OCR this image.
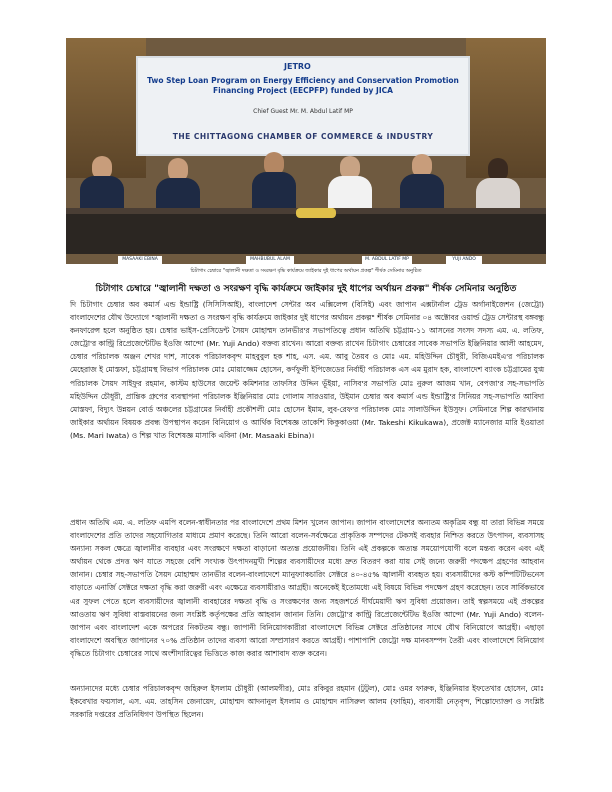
JETRO
Two Step Loan Program on Energy Efficiency and Conservation Promotion Financing Project (EECPFP) funded by JICA
Chief Guest Mr. M. Abdul Latif MP
THE CHITTAGONG CHAMBER OF COMMERCE & INDUSTRY
MASAAKI EBINA	MAHBUBUL ALAM	M. ABDUL LATIF MP	YUJI ANDO
চিটাগাং চেম্বারে "জ্বালানী দক্ষতা ও সংরক্ষণ বৃদ্ধি কার্যক্রমে জাইকার দুই ধাপের অর্থায়ন প্রকল্প" শীর্ষক সেমিনার অনুষ্ঠিত
চিটাগাং চেম্বারে "জ্বালানী দক্ষতা ও সংরক্ষণ বৃদ্ধি কার্যক্রমে জাইকার দুই ধাপের অর্থায়ন প্রকল্প" শীর্ষক সেমিনার অনুষ্ঠিত

দি চিটাগাং চেম্বার অব কমার্স এন্ড ইন্ডাষ্ট্রি (সিসিসিআই), বাংলাদেশ সেন্টার অব এক্সিলেন্স (বিসিই) এবং জাপান এক্সটার্নাল ট্রেড অর্গানাইজেশন (জেট্রো) বাংলাদেশের যৌথ উদ্যোগে "জ্বালানী দক্ষতা ও সংরক্ষণ বৃদ্ধি কার্যক্রমে জাইকার দুই ধাপের অর্থায়ন প্রকল্প" শীর্ষক সেমিনার ০৪ অক্টোবর ওয়ার্ল্ড ট্রেড সেন্টারস্থ বঙ্গবন্ধু কনফারেন্স হলে অনুষ্ঠিত হয়। চেম্বার ভাইস-প্রেসিডেন্ট সৈয়দ মোহাম্মদ তানভীর'র সভাপতিত্বে প্রধান অতিথি চট্টগ্রাম-১১ আসনের সংসদ সদস্য এম. এ. লতিফ, জেট্রো'র কান্ট্রি রিপ্রেজেন্টেটিভ ইওজি আন্দো (Mr. Yuji Ando) বক্তব্য রাখেন। আরো বক্তব্য রাখেন চিটাগাং চেম্বারের সাবেক সভাপতি ইঞ্জিনিয়ার আলী আহমেদ, চেম্বার পরিচালক অঞ্জন শেখর দাশ, সাবেক পরিচালকবৃন্দ মাহবুবুল হক শাহ, এস. এম. আবু তৈয়ব ও মোঃ এম. মহিউদ্দিন চৌধুরী, বিজিএমইএ'র পরিচালক মেহেরাজ ই মোস্তফা, চট্টগ্রামস্থ বিভাগ পরিচালক মোঃ মোয়াজ্জেম হোসেন, কর্ণফুলী ইপিজেডের নির্বাহী পরিচালক এস এম মুরাদ হক, বাংলাদেশ ব্যাংক চট্টগ্রামের যুগ্ম পরিচালক সৈয়দ সাইফুর রহমান, কাস্টম হাউসের জয়েন্ট কমিশনার তাফসির উদ্দিন ভূঁইয়া, নাসিব'র সভাপতি মোঃ নুরুল আজম খান, বেপজা'র সহ-সভাপতি মহিউদ্দিন চৌধুরী, প্রান্তিক গ্রুপের ব্যবস্থাপনা পরিচালক ইঞ্জিনিয়ার মোঃ গোলাম সারওয়ার, উইমান চেম্বার অব কমার্স এন্ড ইন্ডাষ্ট্রি'র সিনিয়র সহ-সভাপতি আবিদা মোস্তফা, বিদ্যুৎ উন্নয়ন বোর্ড অঞ্চলের চট্টগ্রামের নির্বাহী প্রকৌশলী মোঃ হোসেন ইমাম, লুব-রেফ'র পরিচালক মোঃ সালাউদ্দিন ইউসুফ। সেমিনারে শিল্প কারখানায় জাইকার অর্থায়ন বিষয়ক প্রবন্ধ উপস্থাপন করেন বিনিয়োগ ও আর্থিক বিশেষজ্ঞ তাকেশি কিকুকাওয়া (Mr. Takeshi Kikukawa), প্রজেক্ট ম্যানেজার মারি ইওয়াতা (Ms. Mari Iwata) ও শিল্প খাত বিশেষজ্ঞ মাসাকি এবিনা (Mr. Masaaki Ebina)।

প্রধান অতিথি এম. এ. লতিফ এমপি বলেন-স্বাধীনতার পর বাংলাদেশে প্রথম মিশন খুলেন জাপান। জাপান বাংলাদেশের অন্যতম অকৃত্রিম বন্ধু যা তারা বিভিন্ন সময়ে বাংলাদেশের প্রতি তাদের সহযোগিতার মাধ্যমে প্রমাণ করেছে। তিনি আরো বলেন-সর্বক্ষেত্রে প্রাকৃতিক সম্পদের টেকসই ব্যবহার নিশ্চিত করতে উৎপাদন, ব্যবসাসহ অন্যান্য সকল ক্ষেত্রে জ্বালানীর ব্যবহার এবং সংরক্ষণে দক্ষতা বাড়ানো অত্যন্ত প্রয়োজনীয়। তিনি এই প্রকল্পকে অত্যন্ত সময়োপযোগী বলে মন্তব্য করেন এবং এই অর্থায়ন থেকে প্রদত্ত ঋণ যাতে সহজে বেশি সংখ্যক উৎপাদনমুখী শিল্পের ব্যবসায়ীদের মধ্যে দ্রুত বিতরণ করা যায় সেই জন্যে জরুরী পদক্ষেপ গ্রহণের আহবান জানান। চেম্বার সহ-সভাপতি সৈয়দ মোহাম্মদ তানভীর বলেন-বাংলাদেশে ম্যানুফ্যাকচারিং সেক্টরে ৪০-৪৫% জ্বালানী ব্যবহৃত হয়। ব্যবসায়ীদের কস্ট কম্পিটিটিভনেস বাড়াতে এনার্জি সেক্টরে দক্ষতা বৃদ্ধি করা জরুরী এবং এক্ষেত্রে ব্যবসায়ীরাও আগ্রহী। অনেকেই ইতোমধ্যে এই বিষয়ে বিভিন্ন পদক্ষেপ গ্রহণ করেছেন। তবে সার্বিকভাবে এর সুফল পেতে হলে ব্যবসায়ীদের জ্বালানী ব্যবহারের দক্ষতা বৃদ্ধি ও সংরক্ষণের জন্য সহজশর্তে দীর্ঘমেয়াদী ঋণ সুবিধা প্রয়োজন। তাই স্বল্পসময়ে এই প্রকল্পের আওতায় ঋণ সুবিধা বাস্তবায়নের জন্য সংশ্লিষ্ট কর্তৃপক্ষের প্রতি আহবান জানান তিনি। জেট্রো'র কান্ট্রি রিপ্রেজেন্টেটিভ ইওজি আন্দো (Mr. Yuji Ando) বলেন-জাপান এবং বাংলাদেশ একে অপরের নিকটতম বন্ধু। জাপানী বিনিয়োগকারীরা বাংলাদেশে বিভিন্ন সেক্টরে প্রতিষ্ঠানের সাথে যৌথ বিনিয়োগে আগ্রহী। এছাড়া বাংলাদেশে অবস্থিত জাপানের ৭০% প্রতিষ্ঠান তাদের ব্যবসা আরো সম্প্রসারণ করতে আগ্রহী। পাশাপাশি জেট্রো দক্ষ মানবসম্পদ তৈরী এবং বাংলাদেশে বিনিয়োগ বৃদ্ধিতে চিটাগাং চেম্বারের সাথে অংশীদারিত্বের ভিত্তিতে কাজ করার আশাবাদ ব্যক্ত করেন।

অন্যান্যদের মধ্যে চেম্বার পরিচালকবৃন্দ জহিরুল ইসলাম চৌধুরী (আলমগীর), মোঃ রকিবুর রহমান (টুটুল), মোঃ ওমর ফারুক, ইঞ্জিনিয়ার ইফতেখার হোসেন, মোঃ ইকবেখার ফয়সাল, এস. এম. তাহসিন জেনায়েদ, মোহাম্মদ আদনানুল ইসলাম ও মোহাম্মদ নাসিরুল আলম (ফাহিম), ব্যবসায়ী নেতৃবৃন্দ, শিল্পোদ্যোক্তা ও সংশ্লিষ্ট সরকারি দপ্তরের প্রতিনিধিগণ উপস্থিত ছিলেন।
